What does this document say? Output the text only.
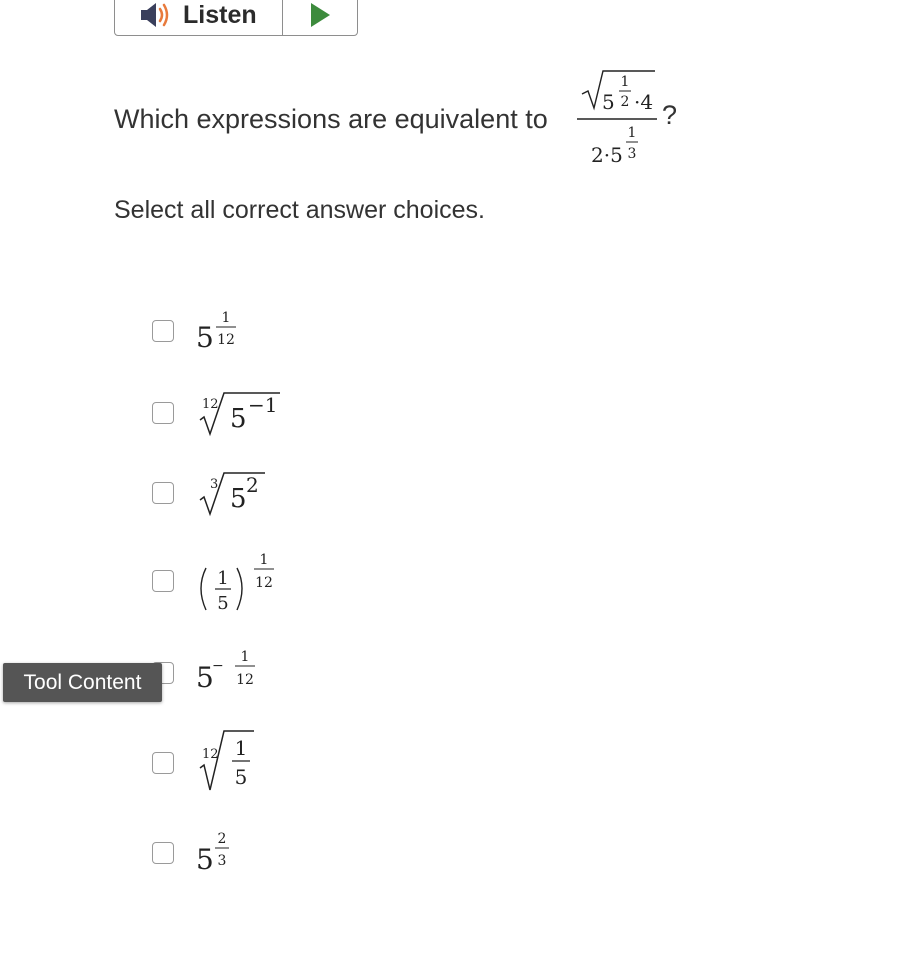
Listen
Which expressions are equivalent to
5
1
2 ·4
2·5
1
3
?
Select all correct answer choices.
5
1
12
12 5 −1
3 5 2
1
5
1
12
5
−
1
12
12 1
5
5
2
3
Tool Content
